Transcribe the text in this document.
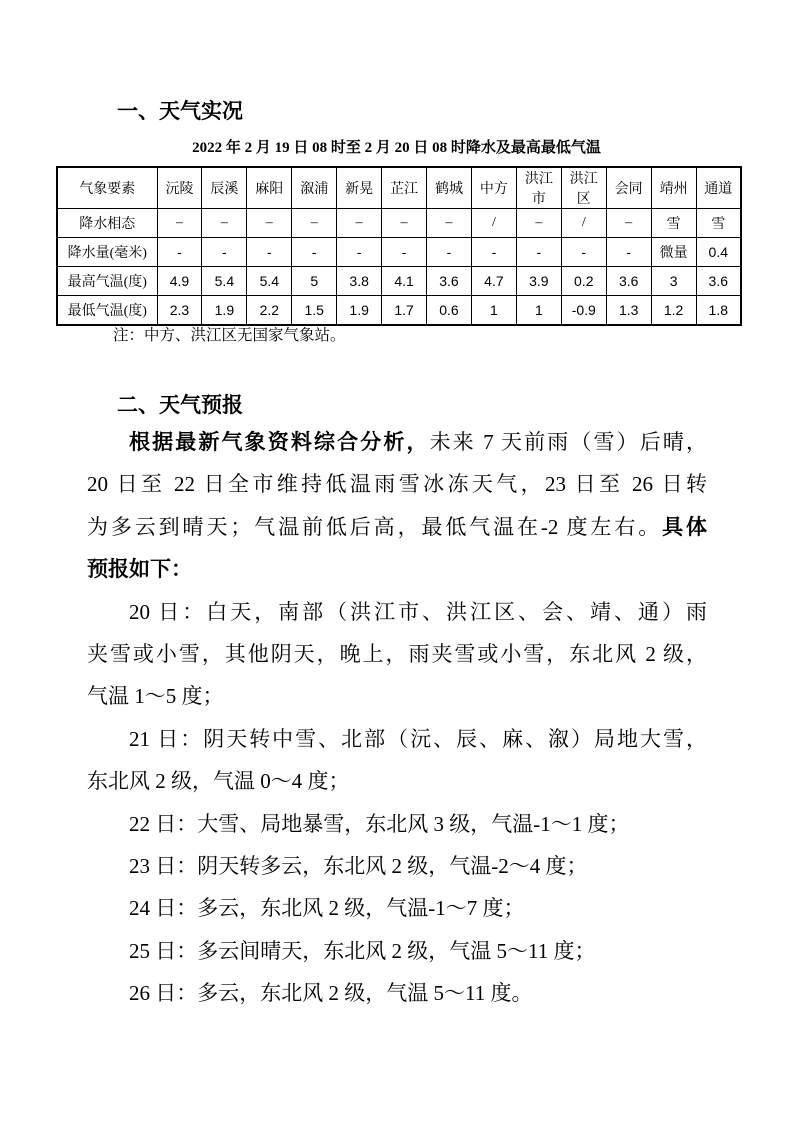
一、天气实况
2022 年 2 月 19 日 08 时至 2 月 20 日 08 时降水及最高最低气温
气象要素	沅陵	辰溪	麻阳	溆浦	新晃	芷江	鹤城	中方	洪江市	洪江区	会同	靖州	通道
降水相态	–	–	–	–	–	–	–	/	–	/	–	雪	雪
降水量(毫米)	-	-	-	-	-	-	-	-	-	-	-	微量	0.4
最高气温(度)	4.9	5.4	5.4	5	3.8	4.1	3.6	4.7	3.9	0.2	3.6	3	3.6
最低气温(度)	2.3	1.9	2.2	1.5	1.9	1.7	0.6	1	1	-0.9	1.3	1.2	1.8
注：中方、洪江区无国家气象站。
二、天气预报
根据最新气象资料综合分析，未来 7 天前雨（雪）后晴，
20 日至 22 日全市维持低温雨雪冰冻天气，23 日至 26 日转
为多云到晴天；气温前低后高，最低气温在-2 度左右。具体
预报如下：
20 日：白天，南部（洪江市、洪江区、会、靖、通）雨
夹雪或小雪，其他阴天，晚上，雨夹雪或小雪，东北风 2 级，
气温 1～5 度；
21 日：阴天转中雪、北部（沅、辰、麻、溆）局地大雪，
东北风 2 级，气温 0～4 度；
22 日：大雪、局地暴雪，东北风 3 级，气温-1～1 度；
23 日：阴天转多云，东北风 2 级，气温-2～4 度；
24 日：多云，东北风 2 级，气温-1～7 度；
25 日：多云间晴天，东北风 2 级，气温 5～11 度；
26 日：多云，东北风 2 级，气温 5～11 度。
